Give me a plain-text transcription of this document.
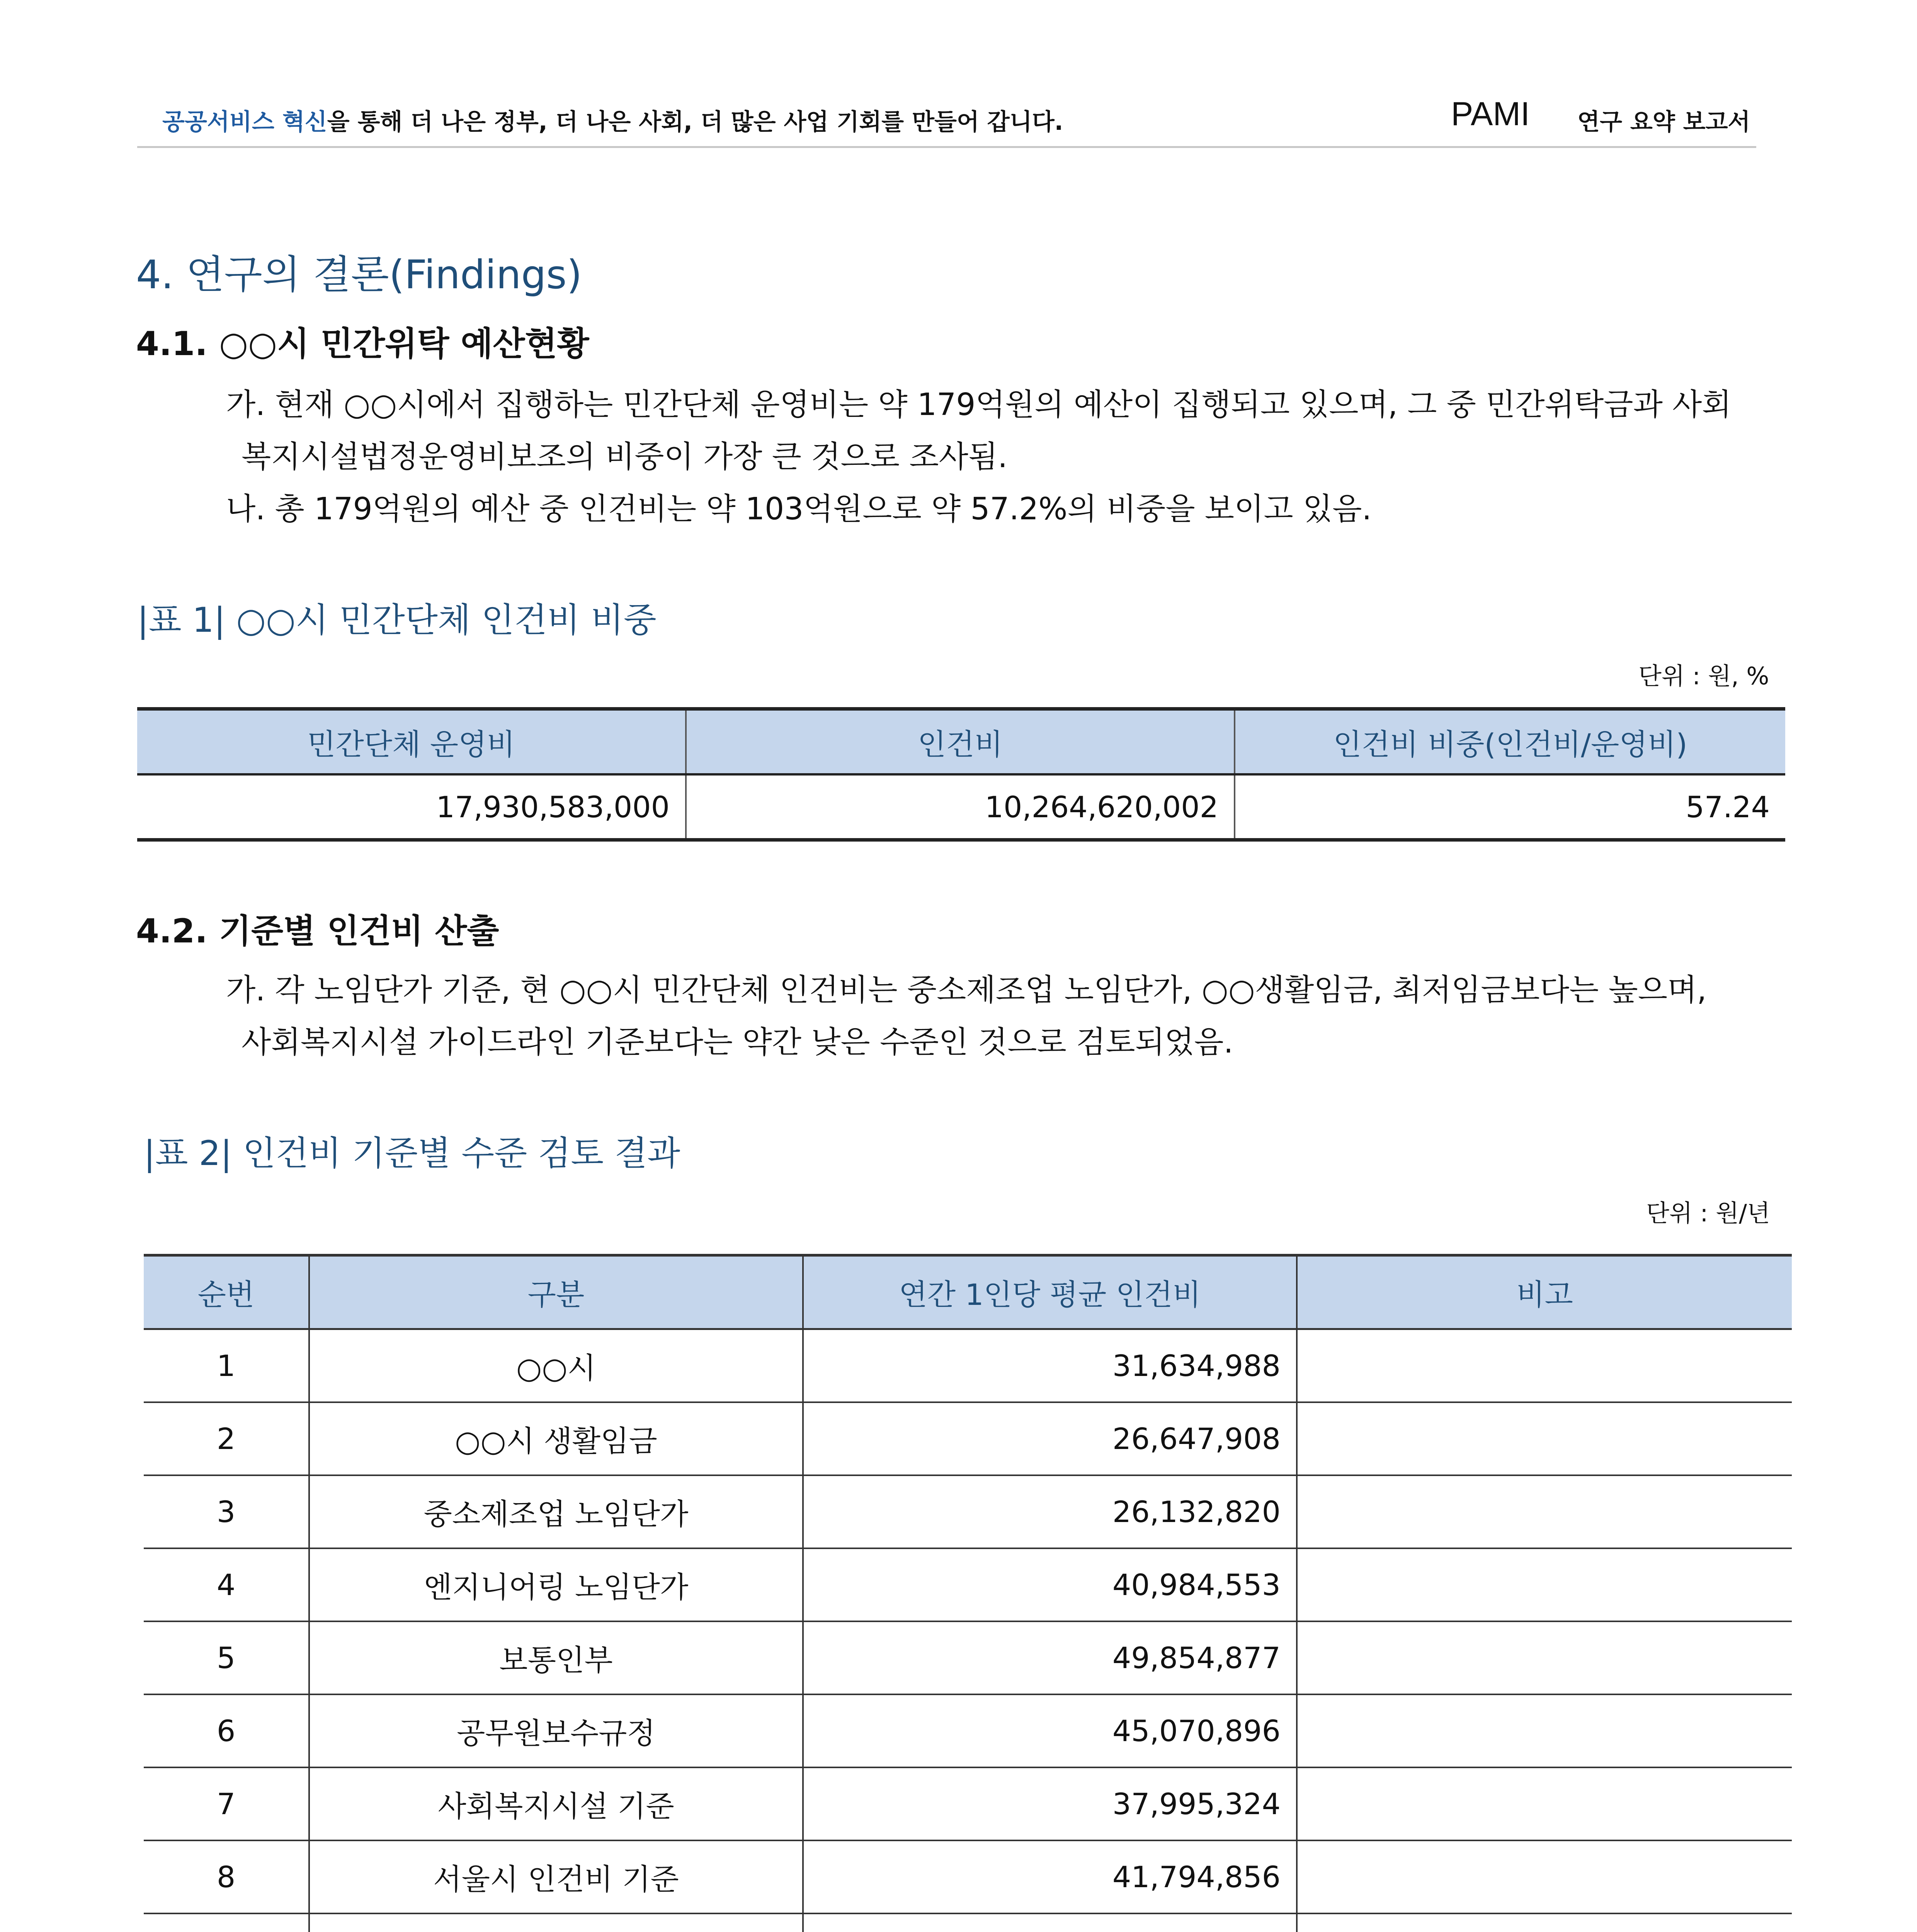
공공서비스 혁신을 통해 더 나은 정부, 더 나은 사회, 더 많은 사업 기회를 만들어 갑니다.	PAMI 연구 요약 보고서
4. 연구의 결론(Findings)
4.1. ○○시 민간위탁 예산현황
가. 현재 ○○시에서 집행하는 민간단체 운영비는 약 179억원의 예산이 집행되고 있으며, 그 중 민간위탁금과 사회
복지시설법정운영비보조의 비중이 가장 큰 것으로 조사됨.
나. 총 179억원의 예산 중 인건비는 약 103억원으로 약 57.2%의 비중을 보이고 있음.
|표 1| ○○시 민간단체 인건비 비중
단위 : 원, %
민간단체 운영비	인건비	인건비 비중(인건비/운영비)
17,930,583,000	10,264,620,002	57.24
4.2. 기준별 인건비 산출
가. 각 노임단가 기준, 현 ○○시 민간단체 인건비는 중소제조업 노임단가, ○○생활임금, 최저임금보다는 높으며,
사회복지시설 가이드라인 기준보다는 약간 낮은 수준인 것으로 검토되었음.
|표 2| 인건비 기준별 수준 검토 결과
단위 : 원/년
순번	구분	연간 1인당 평균 인건비	비고
1	○○시	31,634,988	
2	○○시 생활임금	26,647,908	
3	중소제조업 노임단가	26,132,820	
4	엔지니어링 노임단가	40,984,553	
5	보통인부	49,854,877	
6	공무원보수규정	45,070,896	
7	사회복지시설 기준	37,995,324	
8	서울시 인건비 기준	41,794,856	
